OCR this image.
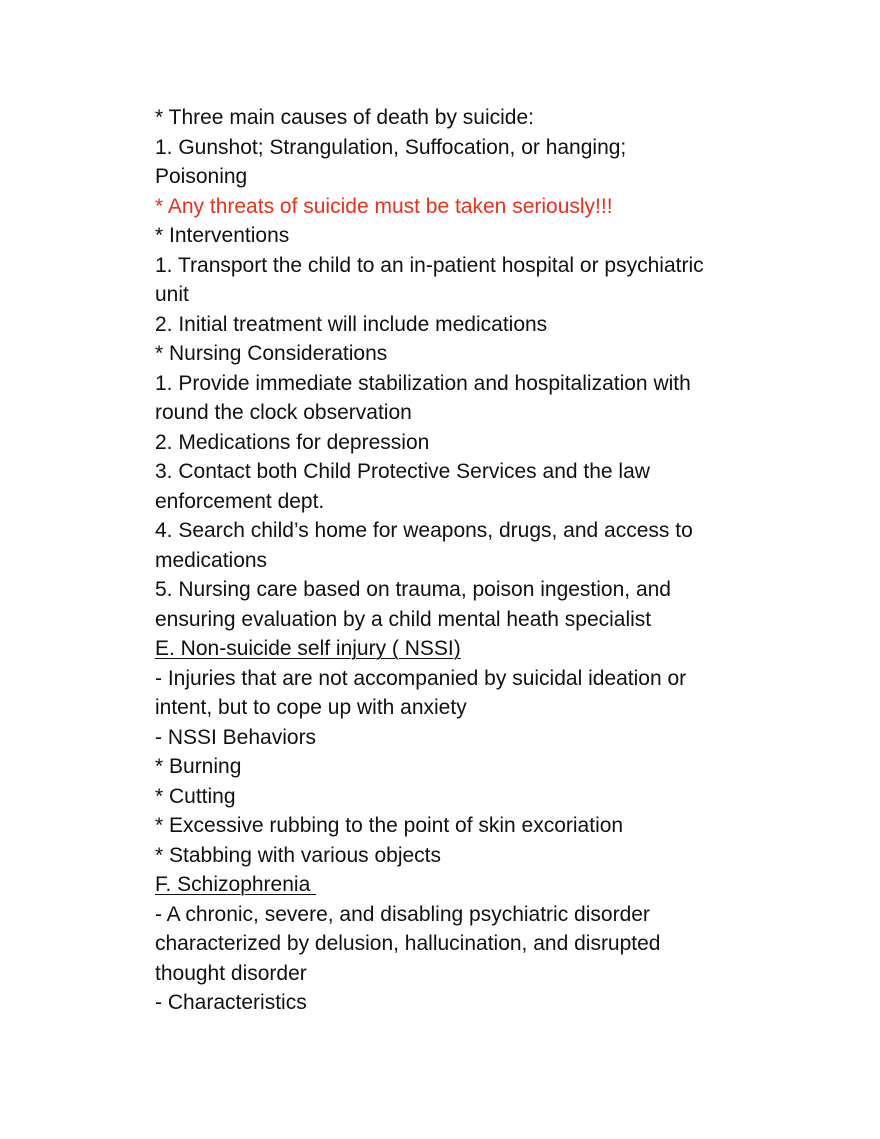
* Three main causes of death by suicide:
1. Gunshot; Strangulation, Suffocation, or hanging;
Poisoning
* Any threats of suicide must be taken seriously!!!
* Interventions
1. Transport the child to an in-patient hospital or psychiatric
unit
2. Initial treatment will include medications
* Nursing Considerations
1. Provide immediate stabilization and hospitalization with
round the clock observation
2. Medications for depression
3. Contact both Child Protective Services and the law
enforcement dept.
4. Search child’s home for weapons, drugs, and access to
medications
5. Nursing care based on trauma, poison ingestion, and
ensuring evaluation by a child mental heath specialist
E. Non-suicide self injury ( NSSI)
- Injuries that are not accompanied by suicidal ideation or
intent, but to cope up with anxiety
- NSSI Behaviors
* Burning
* Cutting
* Excessive rubbing to the point of skin excoriation
* Stabbing with various objects
F. Schizophrenia
- A chronic, severe, and disabling psychiatric disorder
characterized by delusion, hallucination, and disrupted
thought disorder
- Characteristics
